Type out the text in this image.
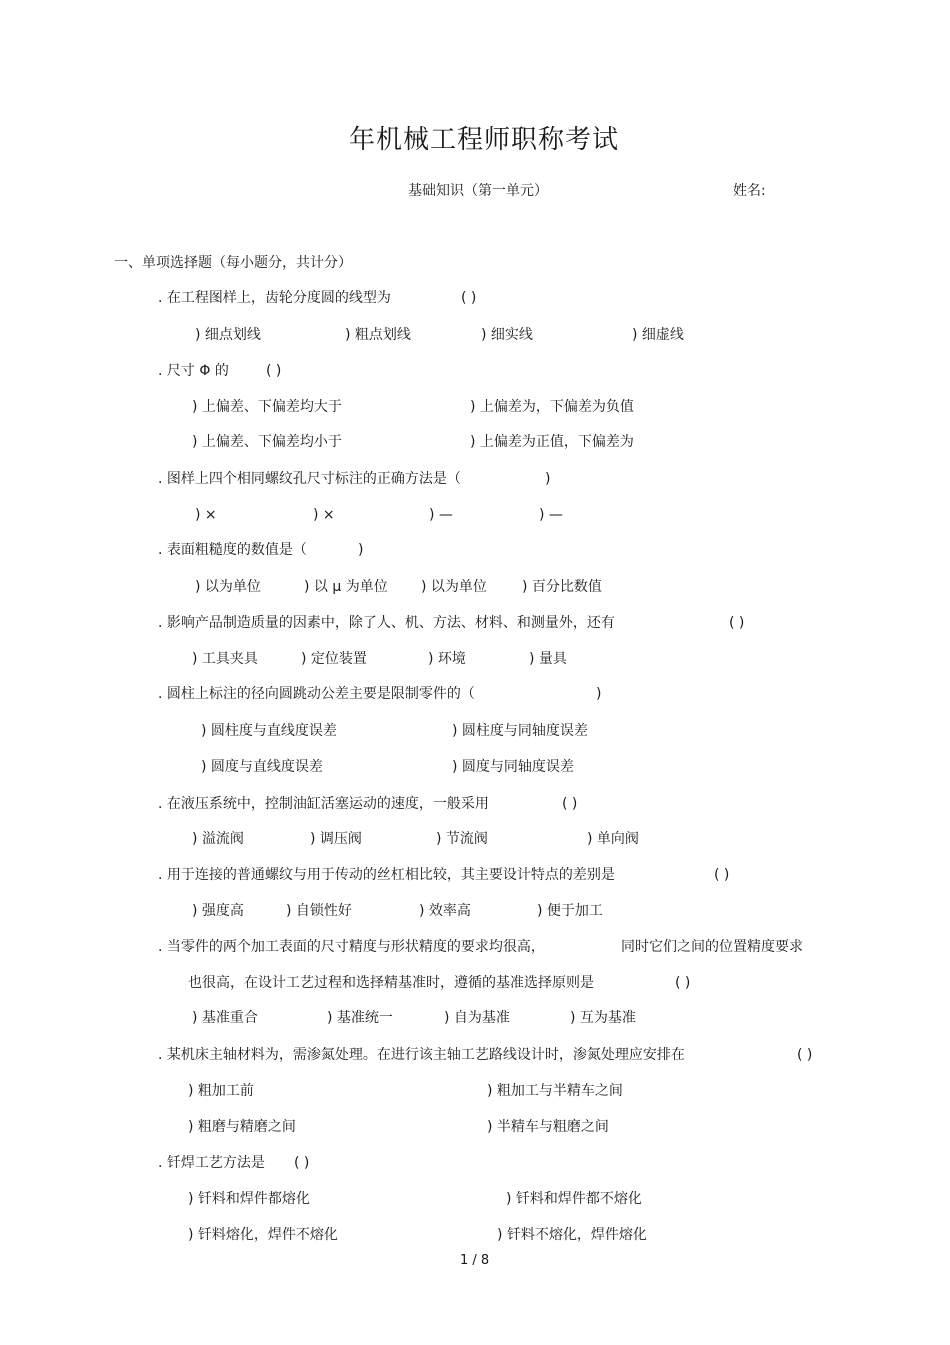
年机械工程师职称考试
基础知识（第一单元）	姓名:
一、单项选择题（每小题分，共计分）
. 在工程图样上，齿轮分度圆的线型为	( )
) 细点划线	) 粗点划线	) 细实线	) 细虚线
. 尺寸 Φ 的	( )
) 上偏差、下偏差均大于	) 上偏差为，下偏差为负值
) 上偏差、下偏差均小于	) 上偏差为正值，下偏差为
. 图样上四个相同螺纹孔尺寸标注的正确方法是（	)
) ×	) ×	) —	) —
. 表面粗糙度的数值是（	)
) 以为单位	) 以 μ 为单位 ) 以为单位	) 百分比数值
. 影响产品制造质量的因素中，除了人、机、方法、材料、和测量外，还有	( )
) 工具夹具	) 定位装置	) 环境	) 量具
. 圆柱上标注的径向圆跳动公差主要是限制零件的（	)
) 圆柱度与直线度误差	) 圆柱度与同轴度误差
) 圆度与直线度误差	) 圆度与同轴度误差
. 在液压系统中，控制油缸活塞运动的速度，一般采用	( )
) 溢流阀	) 调压阀	) 节流阀	) 单向阀
. 用于连接的普通螺纹与用于传动的丝杠相比较，其主要设计特点的差别是	( )
) 强度高	) 自锁性好	) 效率高	) 便于加工
. 当零件的两个加工表面的尺寸精度与形状精度的要求均很高，	同时它们之间的位置精度要求
也很高，在设计工艺过程和选择精基准时，遵循的基准选择原则是	( )
) 基准重合	) 基准统一	) 自为基准	) 互为基准
. 某机床主轴材料为，需渗氮处理。在进行该主轴工艺路线设计时，渗氮处理应安排在	( )
) 粗加工前	) 粗加工与半精车之间
) 粗磨与精磨之间	) 半精车与粗磨之间
. 钎焊工艺方法是 ( )
) 钎料和焊件都熔化	) 钎料和焊件都不熔化
) 钎料熔化，焊件不熔化	) 钎料不熔化，焊件熔化
1 / 8
